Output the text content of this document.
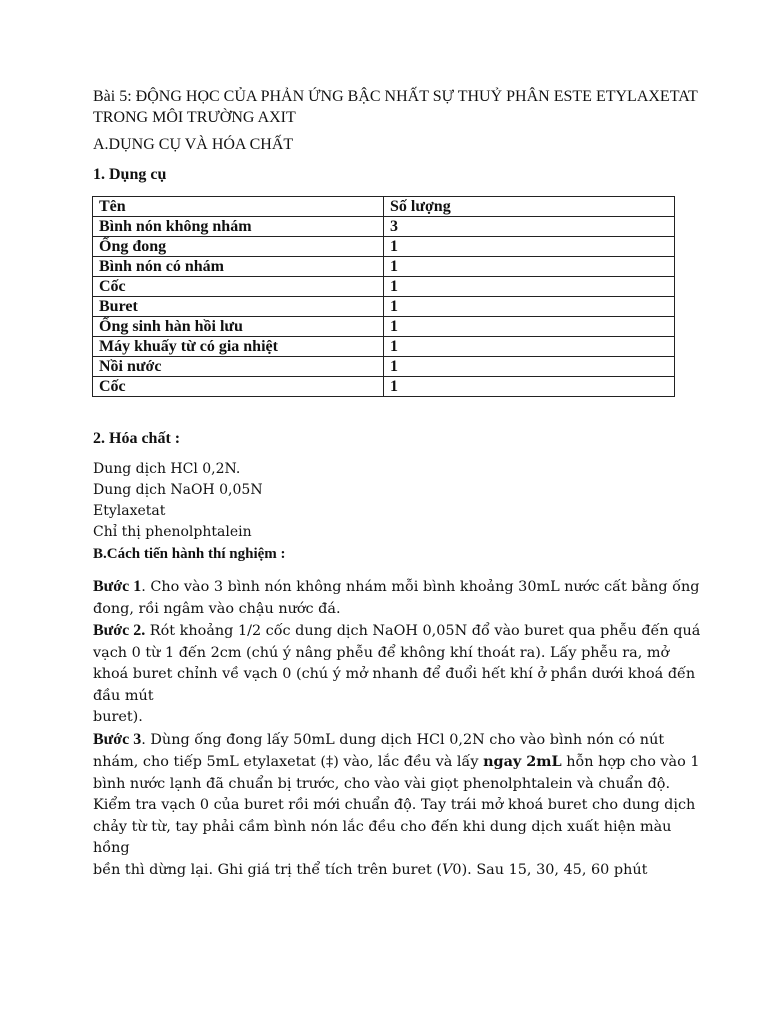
Bài 5: ĐỘNG HỌC CỦA PHẢN ỨNG BẬC NHẤT SỰ THUỶ PHÂN ESTE ETYLAXETAT TRONG MÔI TRƯỜNG AXIT

A.DỤNG CỤ VÀ HÓA CHẤT

1. Dụng cụ

Tên	Số lượng
Bình nón không nhám	3
Ống đong	1
Bình nón có nhám	1
Cốc	1
Buret	1
Ống sinh hàn hồi lưu	1
Máy khuấy từ có gia nhiệt	1
Nồi nước	1
Cốc	1

2. Hóa chất :

Dung dịch HCl 0,2N.
Dung dịch NaOH 0,05N
Etylaxetat
Chỉ thị phenolphtalein

B.Cách tiến hành thí nghiệm :

Bước 1. Cho vào 3 bình nón không nhám mỗi bình khoảng 30mL nước cất bằng ống đong, rồi ngâm vào chậu nước đá.

Bước 2. Rót khoảng 1/2 cốc dung dịch NaOH 0,05N đổ vào buret qua phễu đến quá vạch 0 từ 1 đến 2cm (chú ý nâng phễu để không khí thoát ra). Lấy phễu ra, mở khoá buret chỉnh về vạch 0 (chú ý mở nhanh để đuổi hết khí ở phần dưới khoá đến đầu mút

buret).

Bước 3. Dùng ống đong lấy 50mL dung dịch HCl 0,2N cho vào bình nón có nút nhám, cho tiếp 5mL etylaxetat (‡) vào, lắc đều và lấy ngay 2mL hỗn hợp cho vào 1 bình nước lạnh đã chuẩn bị trước, cho vào vài giọt phenolphtalein và chuẩn độ.

Kiểm tra vạch 0 của buret rồi mới chuẩn độ. Tay trái mở khoá buret cho dung dịch

chảy từ từ, tay phải cầm bình nón lắc đều cho đến khi dung dịch xuất hiện màu hồng

bền thì dừng lại. Ghi giá trị thể tích trên buret (V0). Sau 15, 30, 45, 60 phút
